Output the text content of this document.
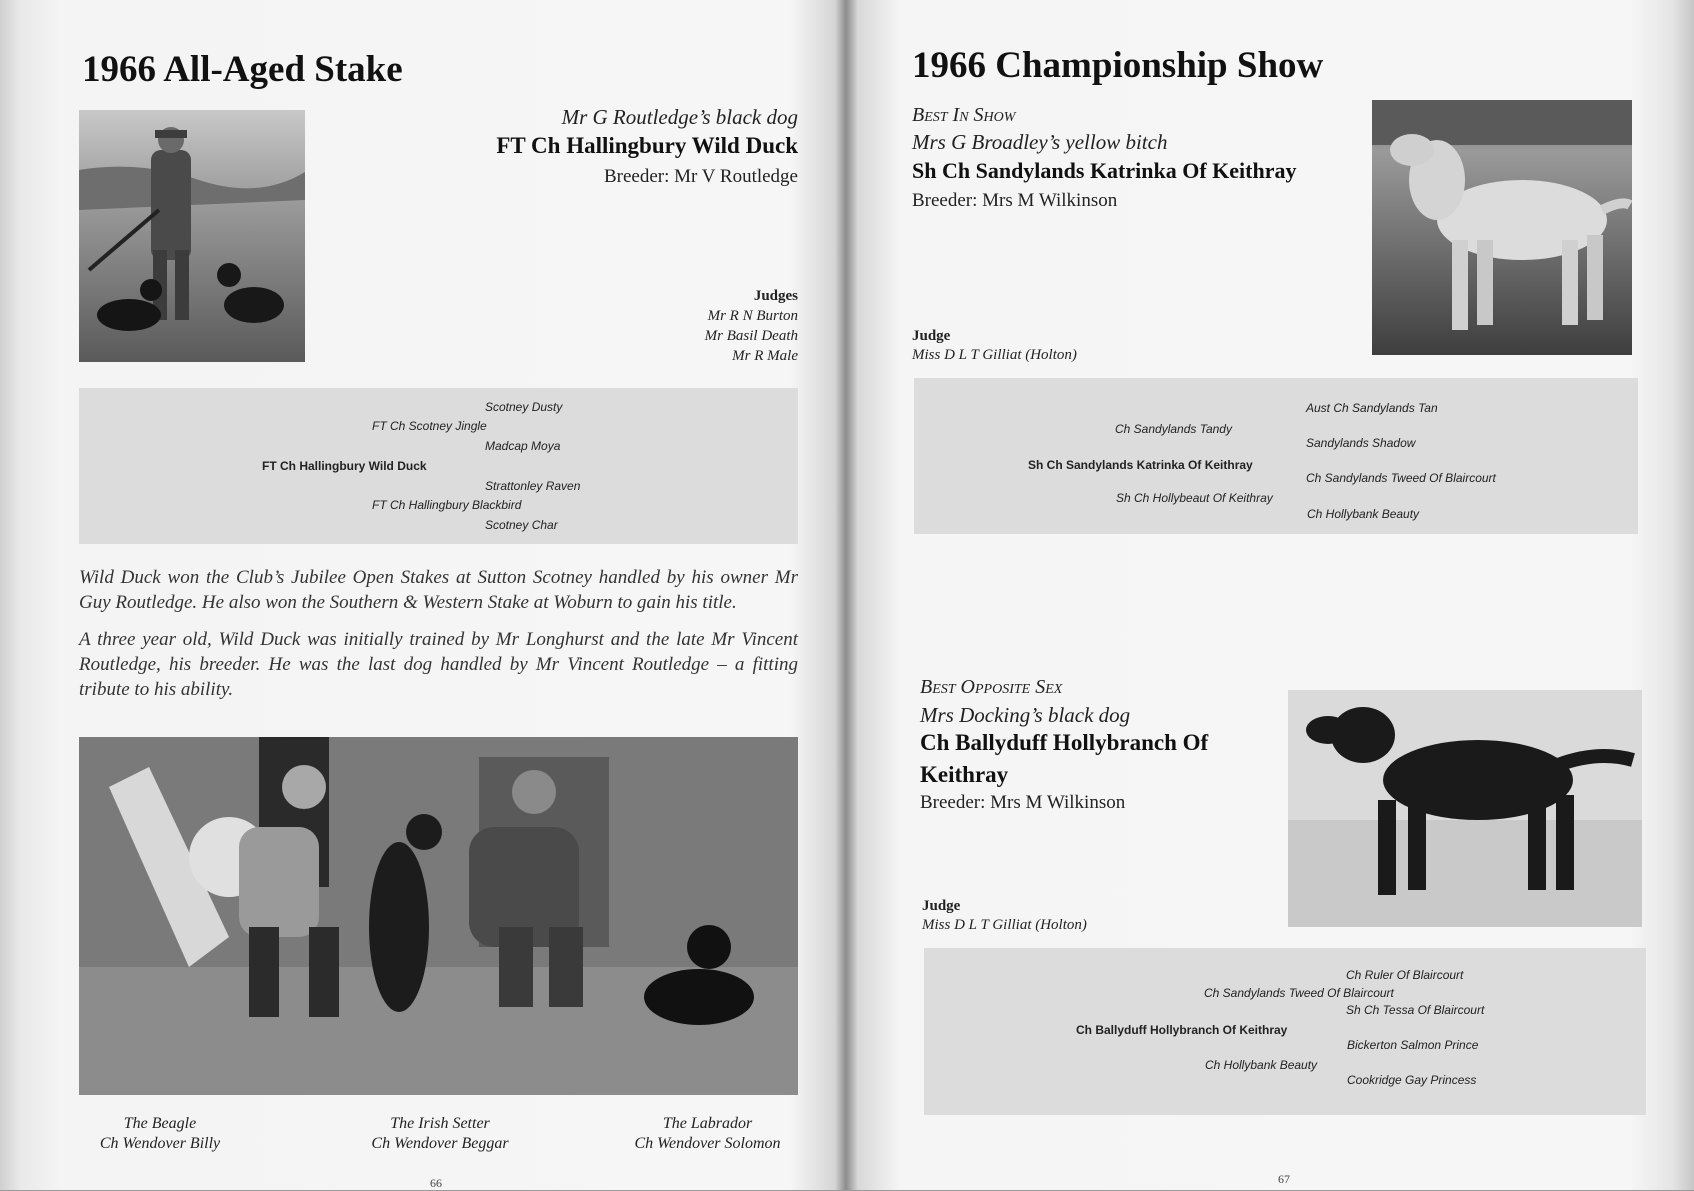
1966 All-Aged Stake
Mr G Routledge’s black dog
FT Ch Hallingbury Wild Duck
Breeder: Mr V Routledge
Judges
Mr R N Burton
Mr Basil Death
Mr R Male
Scotney Dusty
FT Ch Scotney Jingle
Madcap Moya
FT Ch Hallingbury Wild Duck
Strattonley Raven
FT Ch Hallingbury Blackbird
Scotney Char
Wild Duck won the Club’s Jubilee Open Stakes at Sutton Scotney handled by his owner Mr Guy Routledge. He also won the Southern & Western Stake at Woburn to gain his title.
A three year old, Wild Duck was initially trained by Mr Longhurst and the late Mr Vincent Routledge, his breeder. He was the last dog handled by Mr Vincent Routledge – a fitting tribute to his ability.
The Beagle
Ch Wendover Billy
The Irish Setter
Ch Wendover Beggar
The Labrador
Ch Wendover Solomon
66
1966 Championship Show
Best In Show
Mrs G Broadley’s yellow bitch
Sh Ch Sandylands Katrinka Of Keithray
Breeder: Mrs M Wilkinson
Judge
Miss D L T Gilliat (Holton)
Aust Ch Sandylands Tan
Ch Sandylands Tandy
Sandylands Shadow
Sh Ch Sandylands Katrinka Of Keithray
Ch Sandylands Tweed Of Blaircourt
Sh Ch Hollybeaut Of Keithray
Ch Hollybank Beauty
Best Opposite Sex
Mrs Docking’s black dog
Ch Ballyduff Hollybranch Of
Keithray
Breeder: Mrs M Wilkinson
Judge
Miss D L T Gilliat (Holton)
Ch Ruler Of Blaircourt
Ch Sandylands Tweed Of Blaircourt
Sh Ch Tessa Of Blaircourt
Ch Ballyduff Hollybranch Of Keithray
Bickerton Salmon Prince
Ch Hollybank Beauty
Cookridge Gay Princess
67
